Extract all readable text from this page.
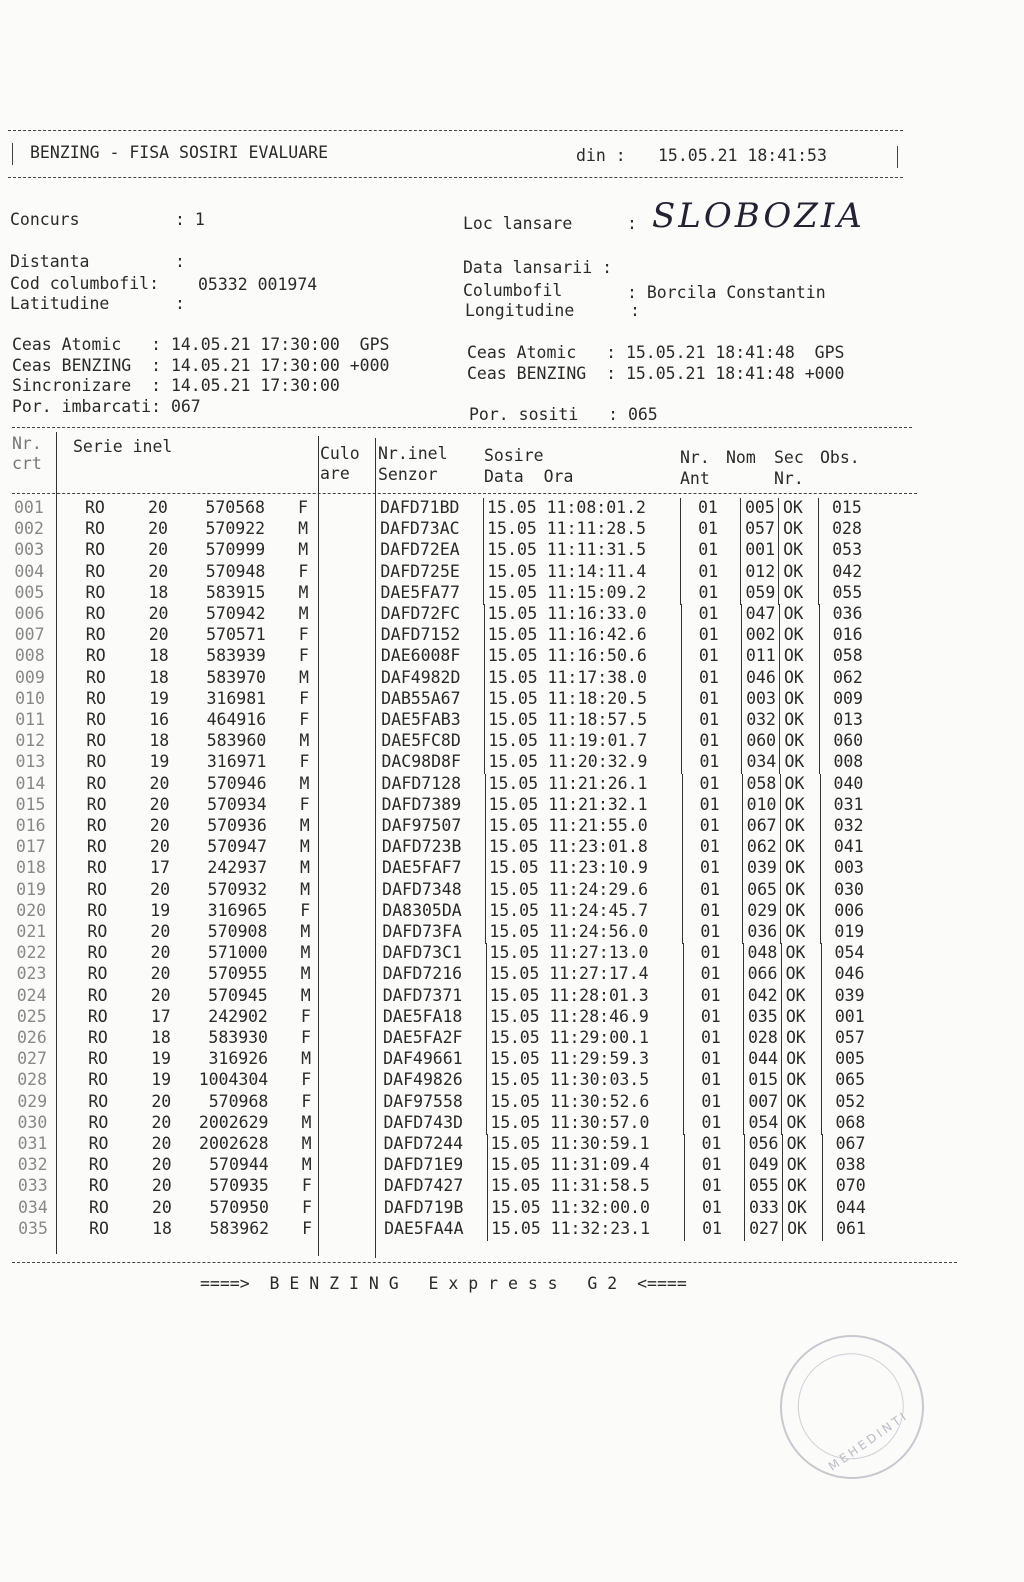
BENZING - FISA SOSIRI EVALUARE	din : 15.05.21 18:41:53
Concurs	: 1	Loc lansare	: SLOBOZIA
Distanta	:
Cod columbofil: 05332 001974
Latitudine	:
Data lansarii :
Columbofil	: Borcila Constantin
Longitudine	:
Ceas Atomic   : 14.05.21 17:30:00  GPS
Ceas BENZING  : 14.05.21 17:30:00 +000
Sincronizare  : 14.05.21 17:30:00
Por. imbarcati: 067
Ceas Atomic   : 15.05.21 18:41:48  GPS
Ceas BENZING  : 15.05.21 18:41:48 +000
Por. sositi   : 065
Nr.
crt
Serie inel	Culo
are
Nr.inel
Senzor
Sosire
Data  Ora
Nr.
Ant
Nom Sec
Nr.
Obs.
001 RO	20 570568 F	DAFD71BD 15.05 11:08:01.2	01 005 OK 015
002 RO	20 570922 M	DAFD73AC 15.05 11:11:28.5	01 057 OK 028
003 RO	20 570999 M	DAFD72EA 15.05 11:11:31.5	01 001 OK 053
004 RO	20 570948 F	DAFD725E 15.05 11:14:11.4	01 012 OK 042
005 RO	18 583915 M	DAE5FA77 15.05 11:15:09.2	01 059 OK 055
006 RO	20 570942 M	DAFD72FC 15.05 11:16:33.0	01 047 OK 036
007 RO	20 570571 F	DAFD7152 15.05 11:16:42.6	01 002 OK 016
008 RO	18 583939 F	DAE6008F 15.05 11:16:50.6	01 011 OK 058
009 RO	18 583970 M	DAF4982D 15.05 11:17:38.0	01 046 OK 062
010 RO	19 316981 F	DAB55A67 15.05 11:18:20.5	01 003 OK 009
011 RO	16 464916 F	DAE5FAB3 15.05 11:18:57.5	01 032 OK 013
012 RO	18 583960 M	DAE5FC8D 15.05 11:19:01.7	01 060 OK 060
013 RO	19 316971 F	DAC98D8F 15.05 11:20:32.9	01 034 OK 008
014 RO	20 570946 M	DAFD7128 15.05 11:21:26.1	01 058 OK 040
015 RO	20 570934 F	DAFD7389 15.05 11:21:32.1	01 010 OK 031
016 RO	20 570936 M	DAF97507 15.05 11:21:55.0	01 067 OK 032
017 RO	20 570947 M	DAFD723B 15.05 11:23:01.8	01 062 OK 041
018 RO	17 242937 M	DAE5FAF7 15.05 11:23:10.9	01 039 OK 003
019 RO	20 570932 M	DAFD7348 15.05 11:24:29.6	01 065 OK 030
020 RO	19 316965 F	DA8305DA 15.05 11:24:45.7	01 029 OK 006
021 RO	20 570908 M	DAFD73FA 15.05 11:24:56.0	01 036 OK 019
022 RO	20 571000 M	DAFD73C1 15.05 11:27:13.0	01 048 OK 054
023 RO	20 570955 M	DAFD7216 15.05 11:27:17.4	01 066 OK 046
024 RO	20 570945 M	DAFD7371 15.05 11:28:01.3	01 042 OK 039
025 RO	17 242902 F	DAE5FA18 15.05 11:28:46.9	01 035 OK 001
026 RO	18 583930 F	DAE5FA2F 15.05 11:29:00.1	01 028 OK 057
027 RO	19 316926 M	DAF49661 15.05 11:29:59.3	01 044 OK 005
028 RO	19 1004304 F	DAF49826 15.05 11:30:03.5	01 015 OK 065
029 RO	20 570968 F	DAF97558 15.05 11:30:52.6	01 007 OK 052
030 RO	20 2002629 M	DAFD743D 15.05 11:30:57.0	01 054 OK 068
031 RO	20 2002628 M	DAFD7244 15.05 11:30:59.1	01 056 OK 067
032 RO	20 570944 M	DAFD71E9 15.05 11:31:09.4	01 049 OK 038
033 RO	20 570935 F	DAFD7427 15.05 11:31:58.5	01 055 OK 070
034 RO	20 570950 F	DAFD719B 15.05 11:32:00.0	01 033 OK 044
035 RO	18 583962 F	DAE5FA4A 15.05 11:32:23.1	01 027 OK 061
====>  B E N Z I N G   E x p r e s s   G 2  <====
MEHEDINTI
